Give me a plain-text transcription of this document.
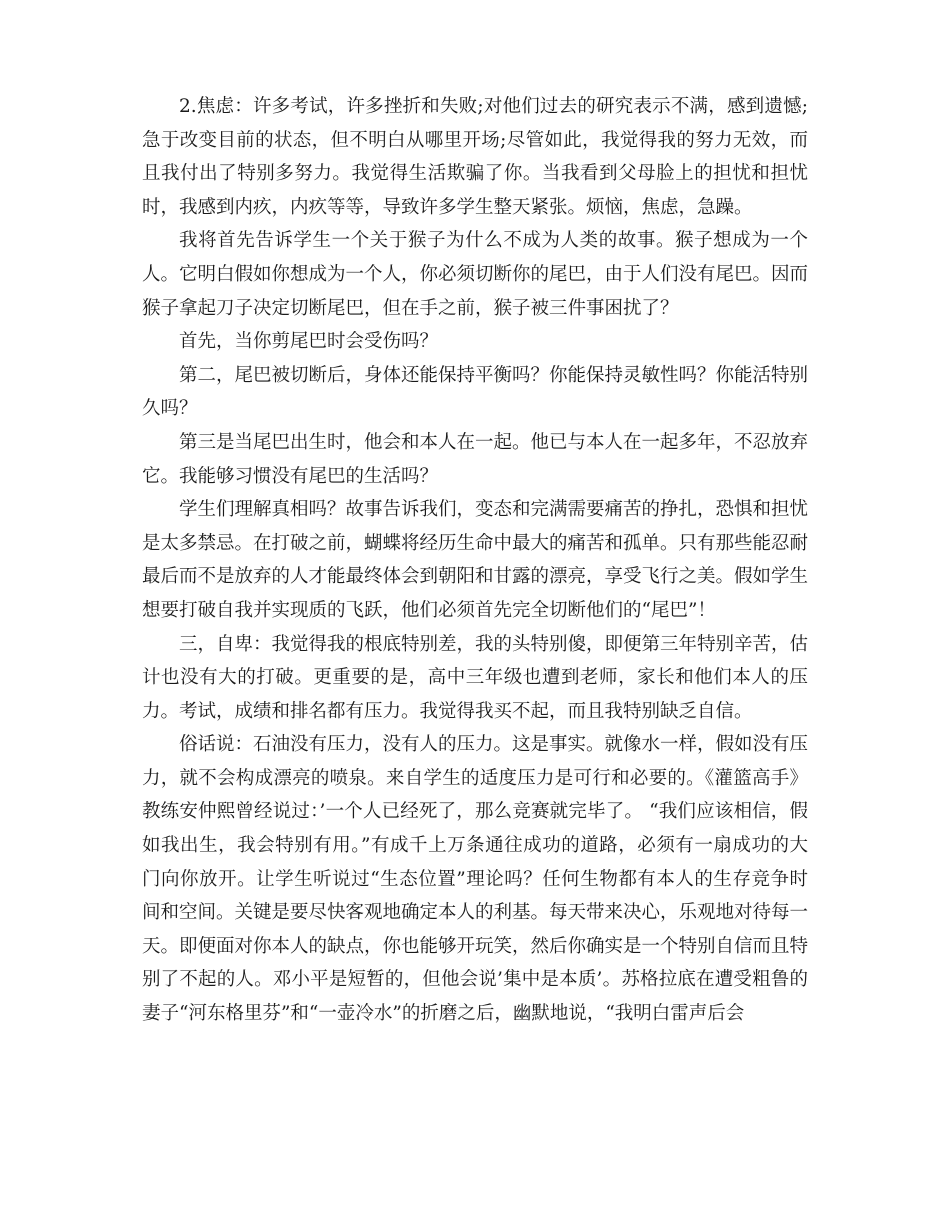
2.焦虑：许多考试，许多挫折和失败;对他们过去的研究表示不满，感到遗憾;急于改变目前的状态，但不明白从哪里开场;尽管如此，我觉得我的努力无效，而且我付出了特别多努力。我觉得生活欺骗了你。当我看到父母脸上的担忧和担忧时，我感到内疚，内疚等等，导致许多学生整天紧张。烦恼，焦虑，急躁。

我将首先告诉学生一个关于猴子为什么不成为人类的故事。猴子想成为一个人。它明白假如你想成为一个人，你必须切断你的尾巴，由于人们没有尾巴。因而猴子拿起刀子决定切断尾巴，但在手之前，猴子被三件事困扰了？

首先，当你剪尾巴时会受伤吗？

第二，尾巴被切断后，身体还能保持平衡吗？你能保持灵敏性吗？你能活特别久吗？

第三是当尾巴出生时，他会和本人在一起。他已与本人在一起多年，不忍放弃它。我能够习惯没有尾巴的生活吗？

学生们理解真相吗？故事告诉我们，变态和完满需要痛苦的挣扎，恐惧和担忧是太多禁忌。在打破之前，蝴蝶将经历生命中最大的痛苦和孤单。只有那些能忍耐最后而不是放弃的人才能最终体会到朝阳和甘露的漂亮，享受飞行之美。假如学生想要打破自我并实现质的飞跃，他们必须首先完全切断他们的“尾巴”！

三，自卑：我觉得我的根底特别差，我的头特别傻，即便第三年特别辛苦，估计也没有大的打破。更重要的是，高中三年级也遭到老师，家长和他们本人的压力。考试，成绩和排名都有压力。我觉得我买不起，而且我特别缺乏自信。

俗话说：石油没有压力，没有人的压力。这是事实。就像水一样，假如没有压力，就不会构成漂亮的喷泉。来自学生的适度压力是可行和必要的。《灌篮高手》教练安仲熙曾经说过：’一个人已经死了，那么竞赛就完毕了。 “我们应该相信，假如我出生，我会特别有用。”有成千上万条通往成功的道路，必须有一扇成功的大门向你放开。让学生听说过“生态位置”理论吗？任何生物都有本人的生存竞争时间和空间。关键是要尽快客观地确定本人的利基。每天带来决心，乐观地对待每一天。即便面对你本人的缺点，你也能够开玩笑，然后你确实是一个特别自信而且特别了不起的人。邓小平是短暂的，但他会说’集中是本质’。苏格拉底在遭受粗鲁的妻子“河东格里芬”和“一壶冷水”的折磨之后，幽默地说，“我明白雷声后会
